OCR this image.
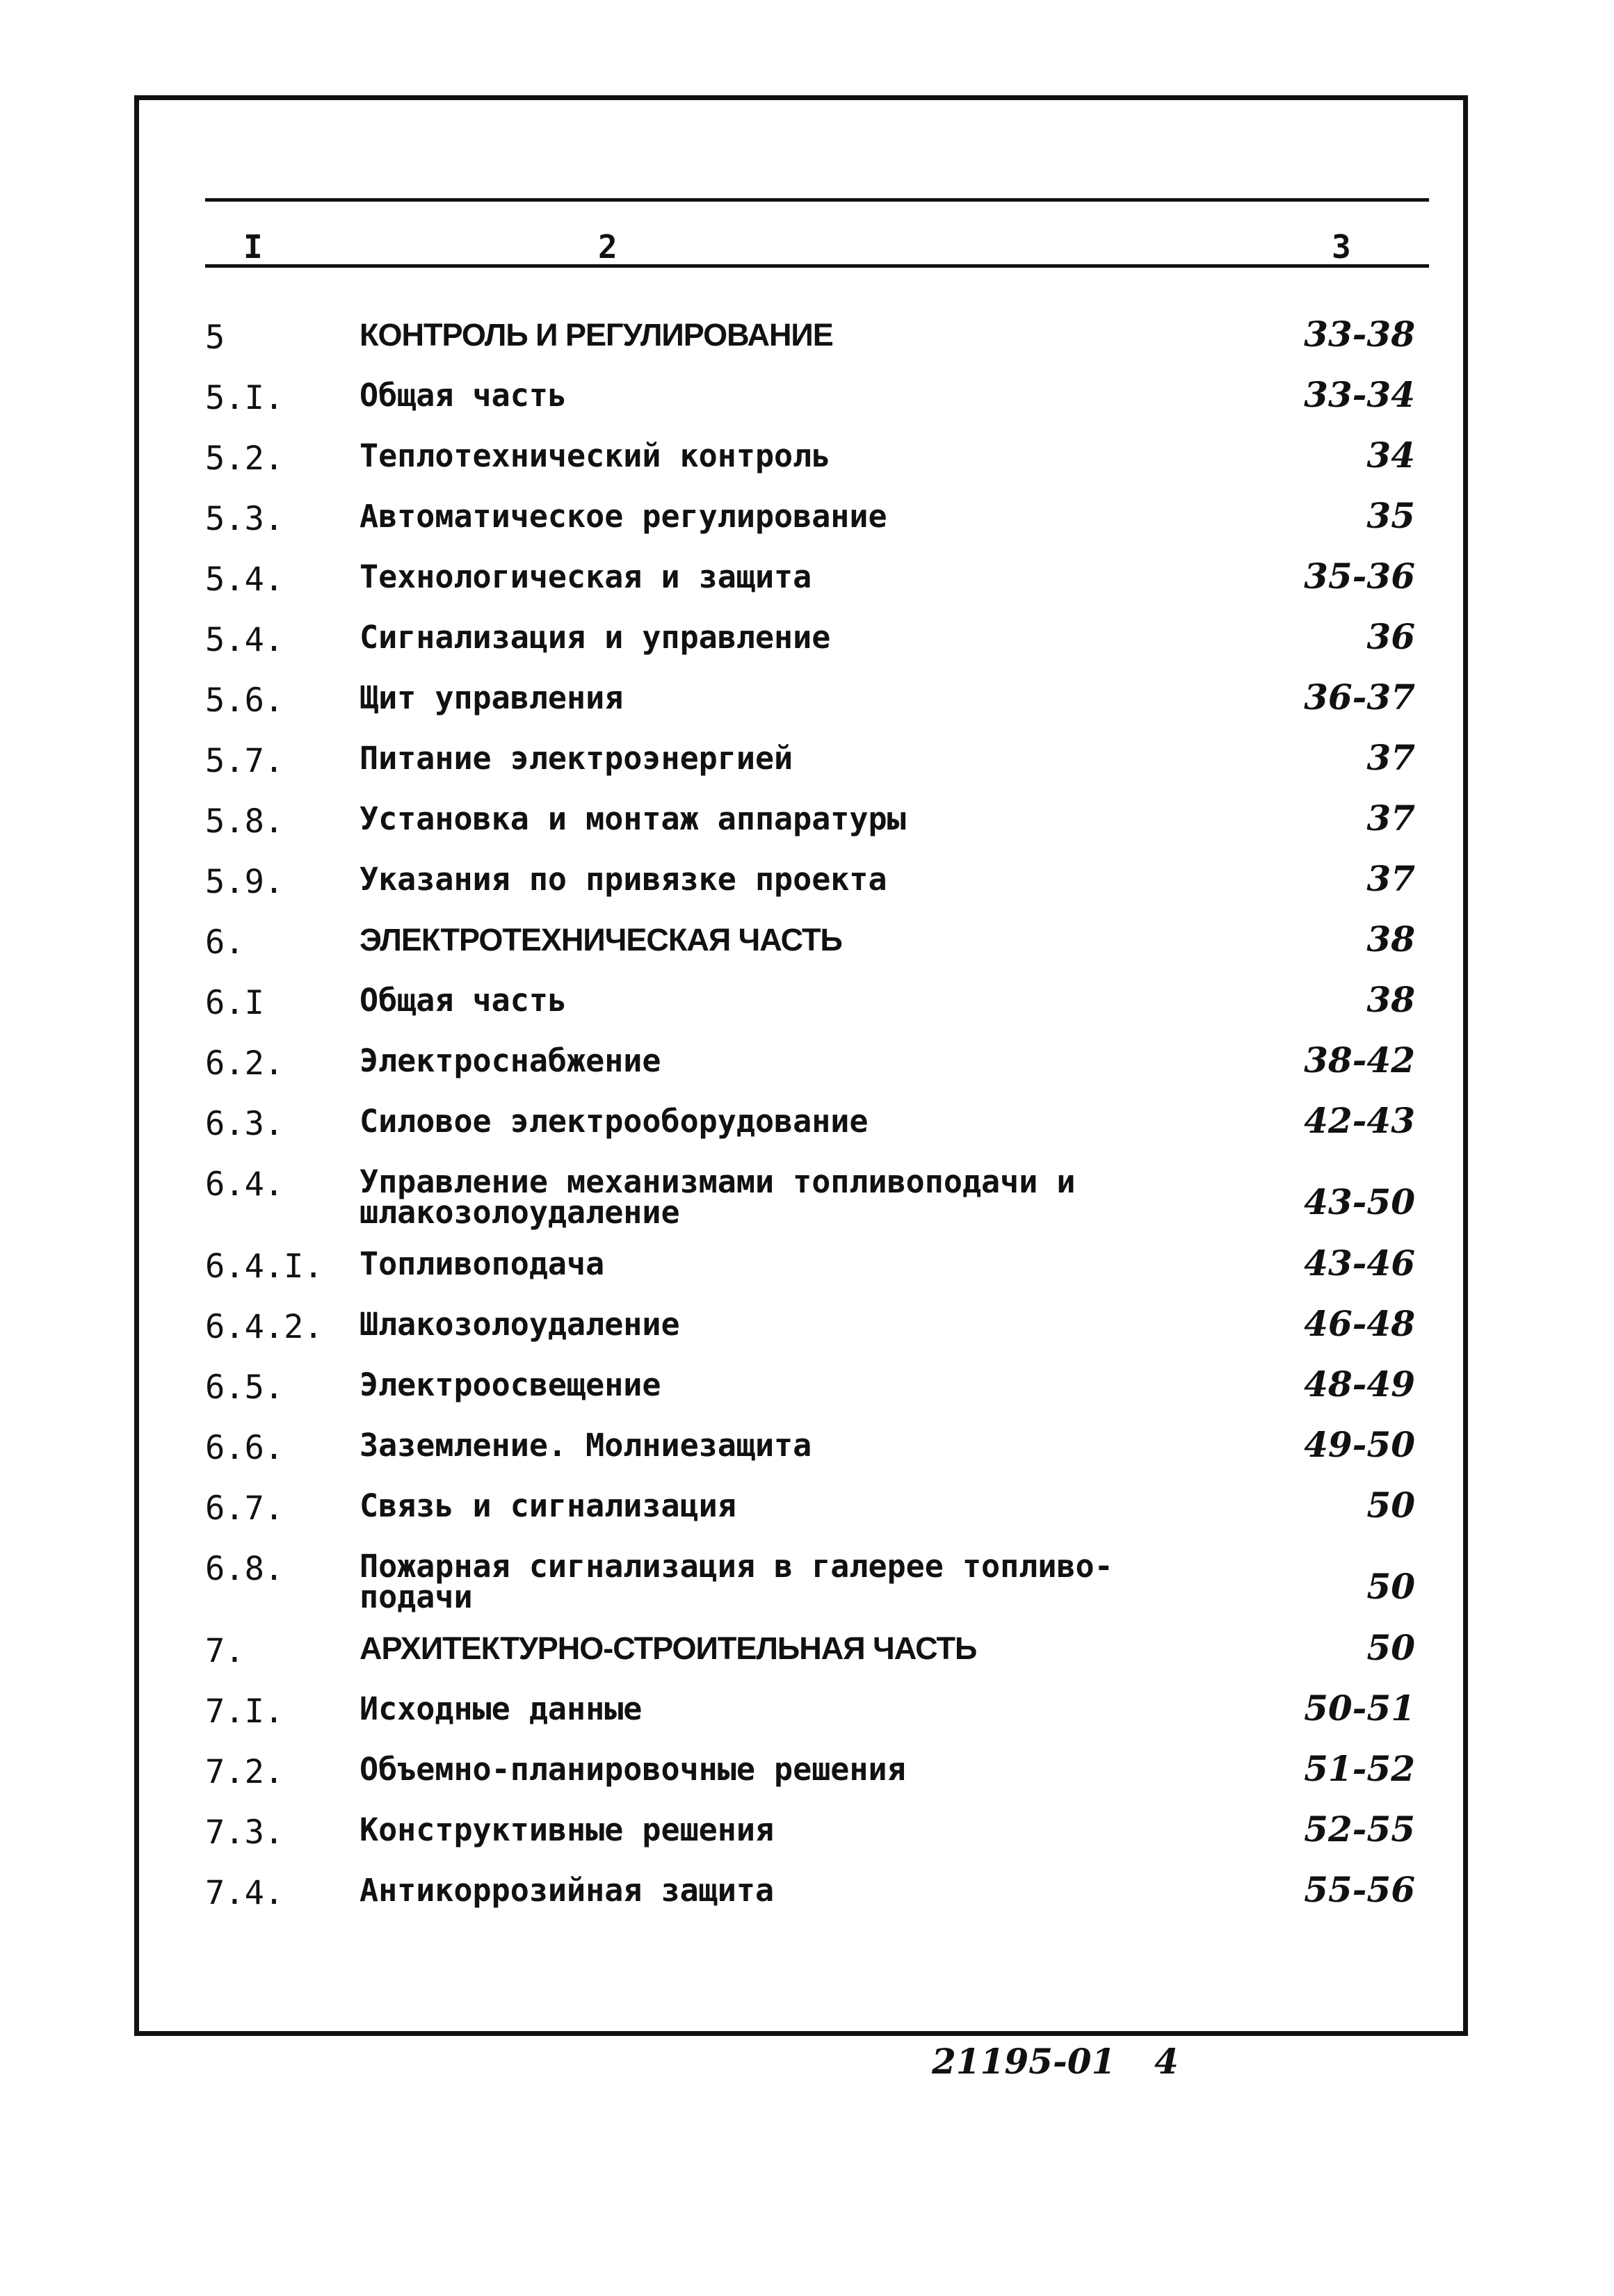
I	2	3
5	КОНТРОЛЬ И РЕГУЛИРОВАНИЕ	33-38
5.I. Общая часть	33-34
5.2. Теплотехнический контроль	34
5.3. Автоматическое регулирование	35
5.4. Технологическая и защита	35-36
5.4. Сигнализация и управление	36
5.6. Щит управления	36-37
5.7. Питание электроэнергией	37
5.8. Установка и монтаж аппаратуры	37
5.9. Указания по привязке проекта	37
6.	ЭЛЕКТРОТЕХНИЧЕСКАЯ ЧАСТЬ	38
6.I	Общая часть	38
6.2. Электроснабжение	38-42
6.3. Силовое электрооборудование	42-43
6.4. Управление механизмами топливоподачи и
шлакозолоудаление	43-50
6.4.I. Топливоподача	43-46
6.4.2. Шлакозолоудаление	46-48
6.5. Электроосвещение	48-49
6.6. Заземление. Молниезащита	49-50
6.7. Связь и сигнализация	50
6.8. Пожарная сигнализация в галерее топливо-
подачи	50
7.	АРХИТЕКТУРНО-СТРОИТЕЛЬНАЯ ЧАСТЬ	50
7.I. Исходные данные	50-51
7.2. Объемно-планировочные решения	51-52
7.3. Конструктивные решения	52-55
7.4. Антикоррозийная защита	55-56
21195-01 4
